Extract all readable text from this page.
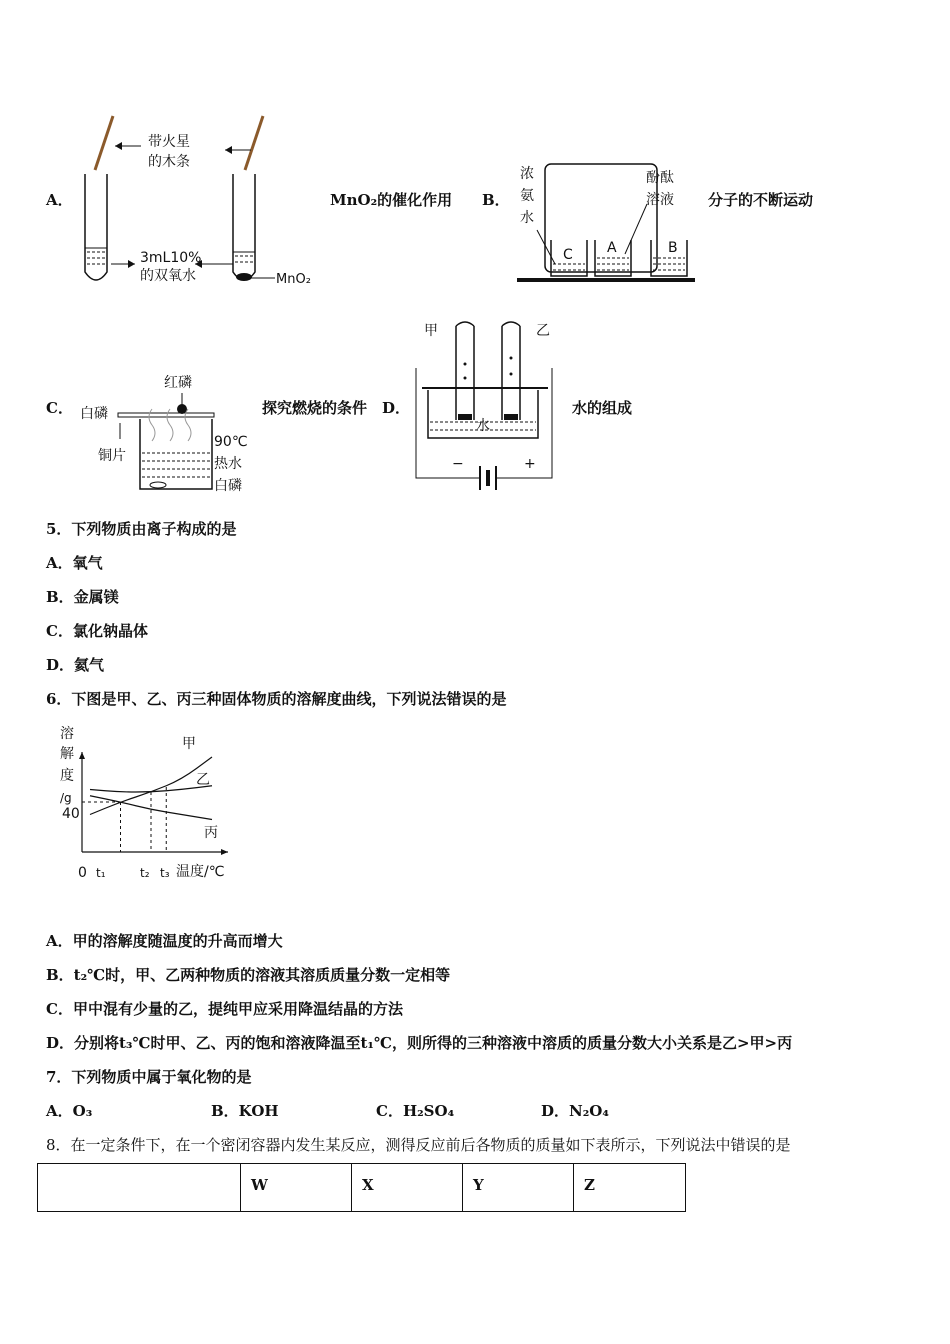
A．
带火星
的木条
3mL10%
的双氧水	MnO₂
MnO₂的催化作用 B．
浓
氨
水
酚酞
溶液
C A	B
分子的不断运动
C．
红磷
白磷
铜片
90℃
热水
白磷
探究燃烧的条件 D．
甲	乙
水
−	+
水的组成
5．下列物质由离子构成的是
A．氧气
B．金属镁
C．氯化钠晶体
D．氦气
6．下图是甲、乙、丙三种固体物质的溶解度曲线，下列说法错误的是
溶
解
度
/g
40
0 t₁	t₂ t₃ 温度/℃
甲
乙
丙
A．甲的溶解度随温度的升高而增大
B．t₂℃时，甲、乙两种物质的溶液其溶质质量分数一定相等
C．甲中混有少量的乙，提纯甲应采用降温结晶的方法
D．分别将t₃℃时甲、乙、丙的饱和溶液降温至t₁℃，则所得的三种溶液中溶质的质量分数大小关系是乙>甲>丙
7．下列物质中属于氧化物的是
A．O₃	B．KOH	C．H₂SO₄	D．N₂O₄
8．在一定条件下，在一个密闭容器内发生某反应，测得反应前后各物质的质量如下表所示，下列说法中错误的是
	W	X	Y	Z
